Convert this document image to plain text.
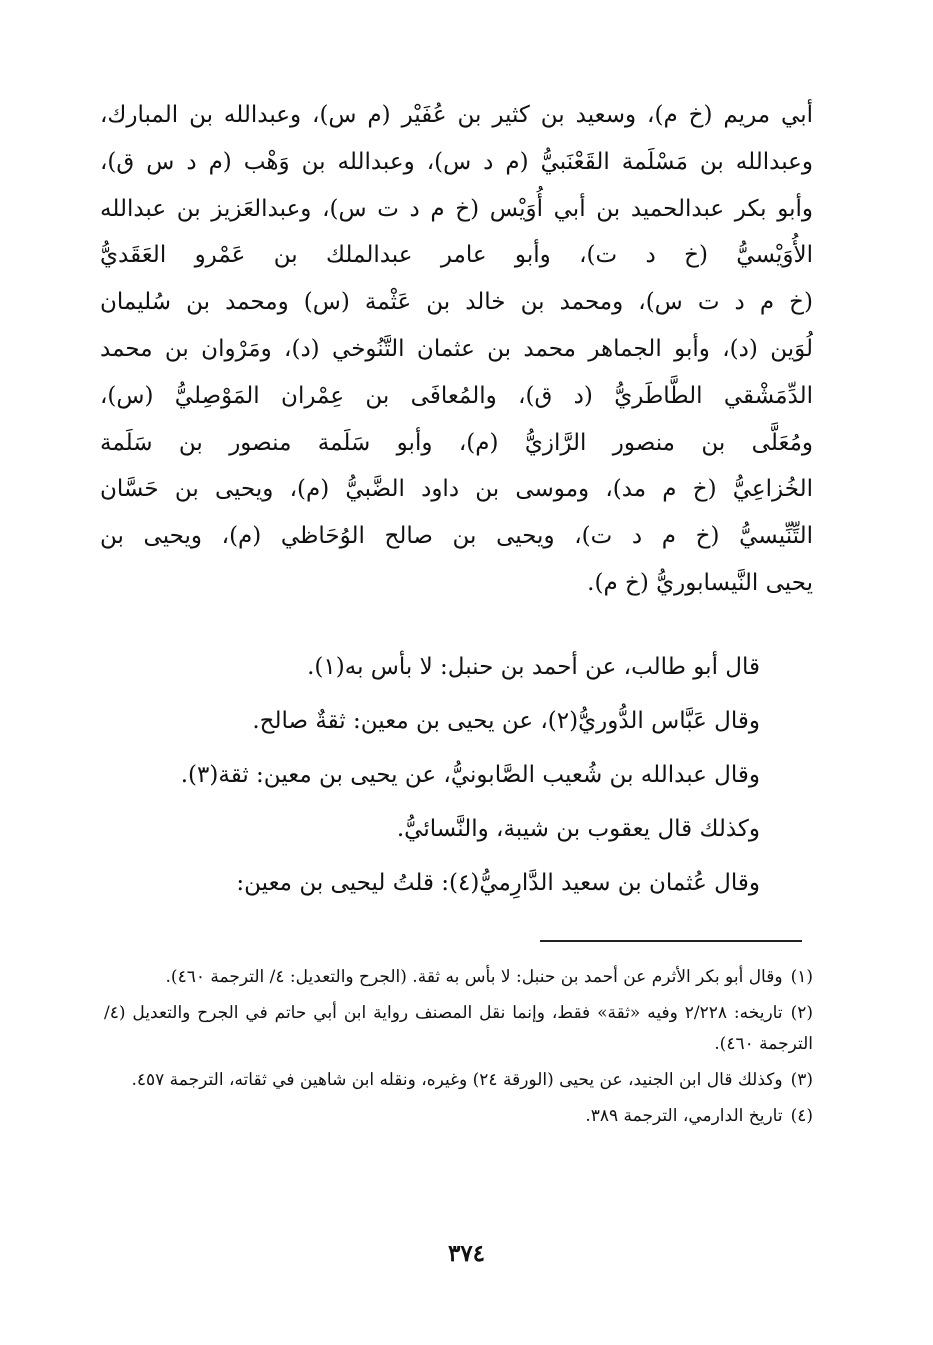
أبي مريم (خ م)، وسعيد بن كثير بن عُفَيْر (م س)، وعبدالله بن المبارك،
وعبدالله بن مَسْلَمة القَعْنَبيُّ (م د س)، وعبدالله بن وَهْب (م د س ق)،
وأبو بكر عبدالحميد بن أبي أُوَيْس (خ م د ت س)، وعبدالعَزيز بن عبدالله
الأُوَيْسيُّ (خ د ت)، وأبو عامر عبدالملك بن عَمْرو العَقَديُّ
(خ م د ت س)، ومحمد بن خالد بن عَثْمة (س) ومحمد بن سُليمان
لُوَين (د)، وأبو الجماهر محمد بن عثمان التَّنُوخي (د)، ومَرْوان بن محمد
الدِّمَشْقي الطَّاطَريُّ (د ق)، والمُعافَى بن عِمْران المَوْصِليُّ (س)،
ومُعَلَّى بن منصور الرَّازيُّ (م)، وأبو سَلَمة منصور بن سَلَمة
الخُزاعِيُّ (خ م مد)، وموسى بن داود الضَّبيُّ (م)، ويحيى بن حَسَّان
التِّنِّيسيُّ (خ م د ت)، ويحيى بن صالح الوُحَاظي (م)، ويحيى بن
يحيى النَّيسابوريُّ (خ م).
قال أبو طالب، عن أحمد بن حنبل: لا بأس به(١).
وقال عَبَّاس الدُّوريُّ(٢)، عن يحيى بن معين: ثقةٌ صالح.
وقال عبدالله بن شُعيب الصَّابونيُّ، عن يحيى بن معين: ثقة(٣).
وكذلك قال يعقوب بن شيبة، والنَّسائيُّ.
وقال عُثمان بن سعيد الدَّارِميُّ(٤): قلتُ ليحيى بن معين:
(١)وقال أبو بكر الأثرم عن أحمد بن حنبل: لا بأس به ثقة. (الجرح والتعديل: ٤/ الترجمة ٤٦٠).
(٢)تاريخه: ٢/٢٢٨ وفيه «ثقة» فقط، وإنما نقل المصنف رواية ابن أبي حاتم في الجرح والتعديل (٤/ الترجمة ٤٦٠).
(٣)وكذلك قال ابن الجنيد، عن يحيى (الورقة ٢٤) وغيره، ونقله ابن شاهين في ثقاته، الترجمة ٤٥٧.
(٤)تاريخ الدارمي، الترجمة ٣٨٩.
٣٧٤
